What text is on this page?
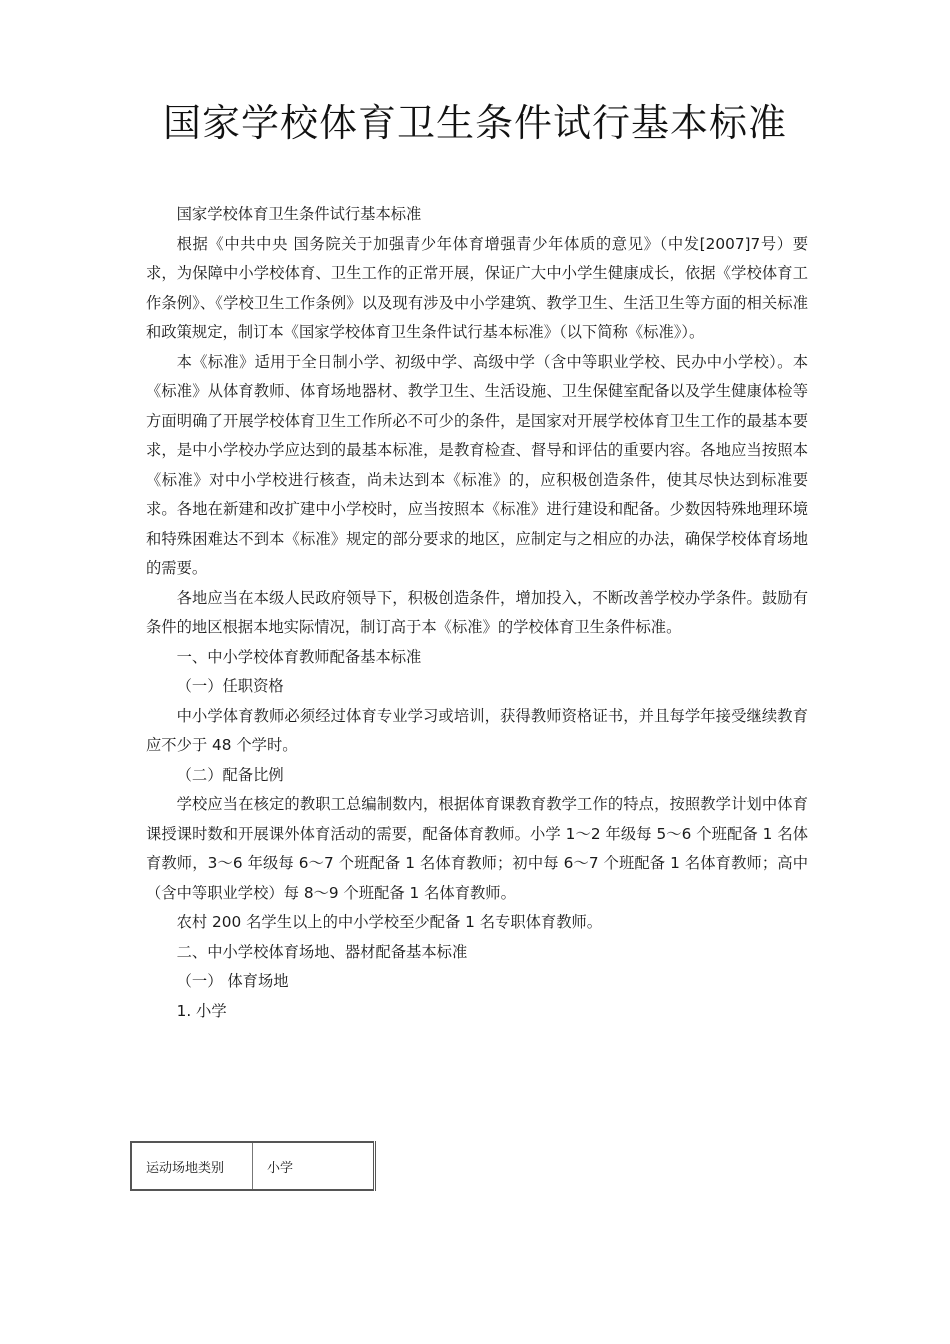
国家学校体育卫生条件试行基本标准

国家学校体育卫生条件试行基本标准

根据《中共中央 国务院关于加强青少年体育增强青少年体质的意见》（中发[2007]7号）要求，为保障中小学校体育、卫生工作的正常开展，保证广大中小学生健康成长，依据《学校体育工作条例》、《学校卫生工作条例》以及现有涉及中小学建筑、教学卫生、生活卫生等方面的相关标准和政策规定，制订本《国家学校体育卫生条件试行基本标准》（以下简称《标准》）。

本《标准》适用于全日制小学、初级中学、高级中学（含中等职业学校、民办中小学校）。本《标准》从体育教师、体育场地器材、教学卫生、生活设施、卫生保健室配备以及学生健康体检等方面明确了开展学校体育卫生工作所必不可少的条件，是国家对开展学校体育卫生工作的最基本要求，是中小学校办学应达到的最基本标准，是教育检查、督导和评估的重要内容。各地应当按照本《标准》对中小学校进行核查，尚未达到本《标准》的，应积极创造条件，使其尽快达到标准要求。各地在新建和改扩建中小学校时，应当按照本《标准》进行建设和配备。少数因特殊地理环境和特殊困难达不到本《标准》规定的部分要求的地区，应制定与之相应的办法，确保学校体育场地的需要。

各地应当在本级人民政府领导下，积极创造条件，增加投入，不断改善学校办学条件。鼓励有条件的地区根据本地实际情况，制订高于本《标准》的学校体育卫生条件标准。

一、中小学校体育教师配备基本标准

（一）任职资格

中小学体育教师必须经过体育专业学习或培训，获得教师资格证书，并且每学年接受继续教育应不少于 48 个学时。

（二）配备比例

学校应当在核定的教职工总编制数内，根据体育课教育教学工作的特点，按照教学计划中体育课授课时数和开展课外体育活动的需要，配备体育教师。小学 1～2 年级每 5～6 个班配备 1 名体育教师，3～6 年级每 6～7 个班配备 1 名体育教师；初中每 6～7 个班配备 1 名体育教师；高中（含中等职业学校）每 8～9 个班配备 1 名体育教师。

农村 200 名学生以上的中小学校至少配备 1 名专职体育教师。

二、中小学校体育场地、器材配备基本标准

（一） 体育场地

1. 小学

运动场地类别	小学
